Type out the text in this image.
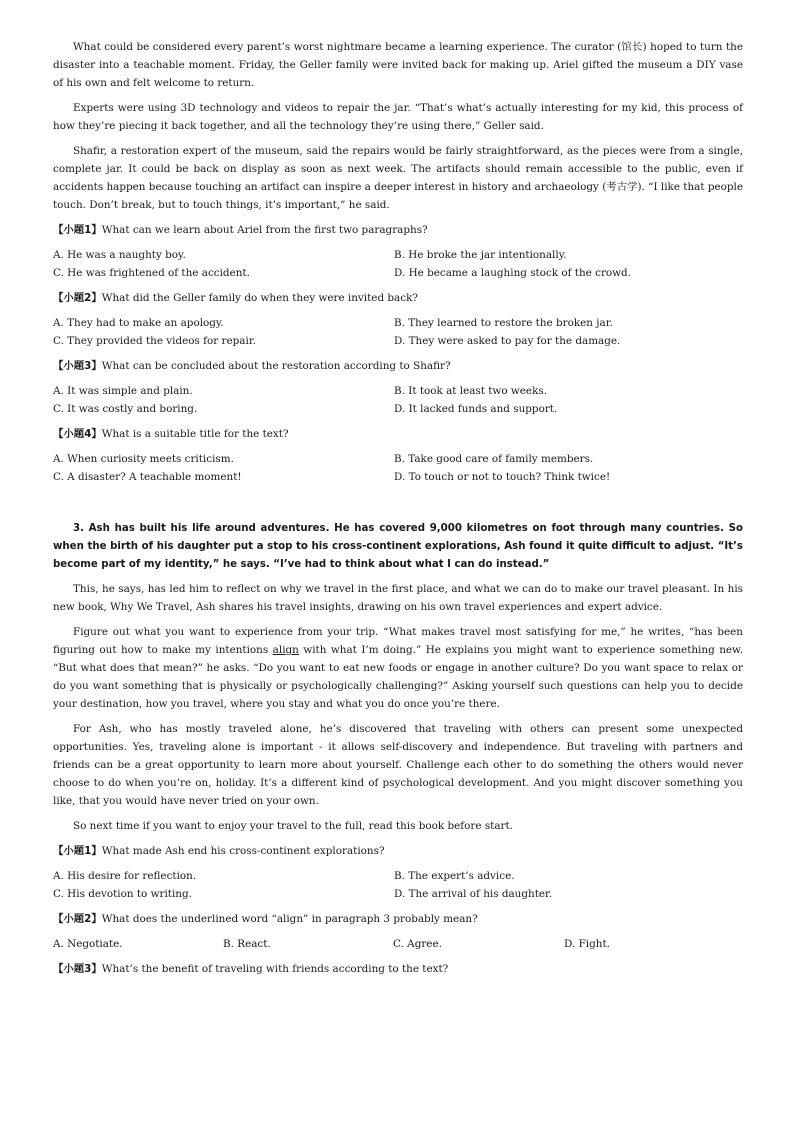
What could be considered every parent’s worst nightmare became a learning experience. The curator (馆长) hoped to turn the disaster into a teachable moment. Friday, the Geller family were invited back for making up. Ariel gifted the museum a DIY vase of his own and felt welcome to return.

Experts were using 3D technology and videos to repair the jar. “That’s what’s actually interesting for my kid, this process of how they’re piecing it back together, and all the technology they’re using there,” Geller said.

Shafir, a restoration expert of the museum, said the repairs would be fairly straightforward, as the pieces were from a single, complete jar. It could be back on display as soon as next week. The artifacts should remain accessible to the public, even if accidents happen because touching an artifact can inspire a deeper interest in history and archaeology (考古学). “I like that people touch. Don’t break, but to touch things, it’s important,” he said.

【小题1】What can we learn about Ariel from the first two paragraphs?

A. He was a naughty boy.	B. He broke the jar intentionally.
C. He was frightened of the accident.	D. He became a laughing stock of the crowd.

【小题2】What did the Geller family do when they were invited back?

A. They had to make an apology.	B. They learned to restore the broken jar.
C. They provided the videos for repair.	D. They were asked to pay for the damage.

【小题3】What can be concluded about the restoration according to Shafir?

A. It was simple and plain.	B. It took at least two weeks.
C. It was costly and boring.	D. It lacked funds and support.

【小题4】What is a suitable title for the text?

A. When curiosity meets criticism.	B. Take good care of family members.
C. A disaster? A teachable moment!	D. To touch or not to touch? Think twice!

3. Ash has built his life around adventures. He has covered 9,000 kilometres on foot through many countries. So when the birth of his daughter put a stop to his cross-continent explorations, Ash found it quite difficult to adjust. “It’s become part of my identity,” he says. “I’ve had to think about what I can do instead.”

This, he says, has led him to reflect on why we travel in the first place, and what we can do to make our travel pleasant. In his new book, Why We Travel, Ash shares his travel insights, drawing on his own travel experiences and expert advice.

Figure out what you want to experience from your trip. “What makes travel most satisfying for me,” he writes, “has been figuring out how to make my intentions align with what I’m doing.” He explains you might want to experience something new. “But what does that mean?” he asks. “Do you want to eat new foods or engage in another culture? Do you want space to relax or do you want something that is physically or psychologically challenging?” Asking yourself such questions can help you to decide your destination, how you travel, where you stay and what you do once you’re there.

For Ash, who has mostly traveled alone, he’s discovered that traveling with others can present some unexpected opportunities. Yes, traveling alone is important - it allows self-discovery and independence. But traveling with partners and friends can be a great opportunity to learn more about yourself. Challenge each other to do something the others would never choose to do when you’re on, holiday. It’s a different kind of psychological development. And you might discover something you like, that you would have never tried on your own.

So next time if you want to enjoy your travel to the full, read this book before start.

【小题1】What made Ash end his cross-continent explorations?

A. His desire for reflection.	B. The expert’s advice.
C. His devotion to writing.	D. The arrival of his daughter.

【小题2】What does the underlined word “align” in paragraph 3 probably mean?

A. Negotiate.	B. React.	C. Agree.	D. Fight.

【小题3】What’s the benefit of traveling with friends according to the text?
